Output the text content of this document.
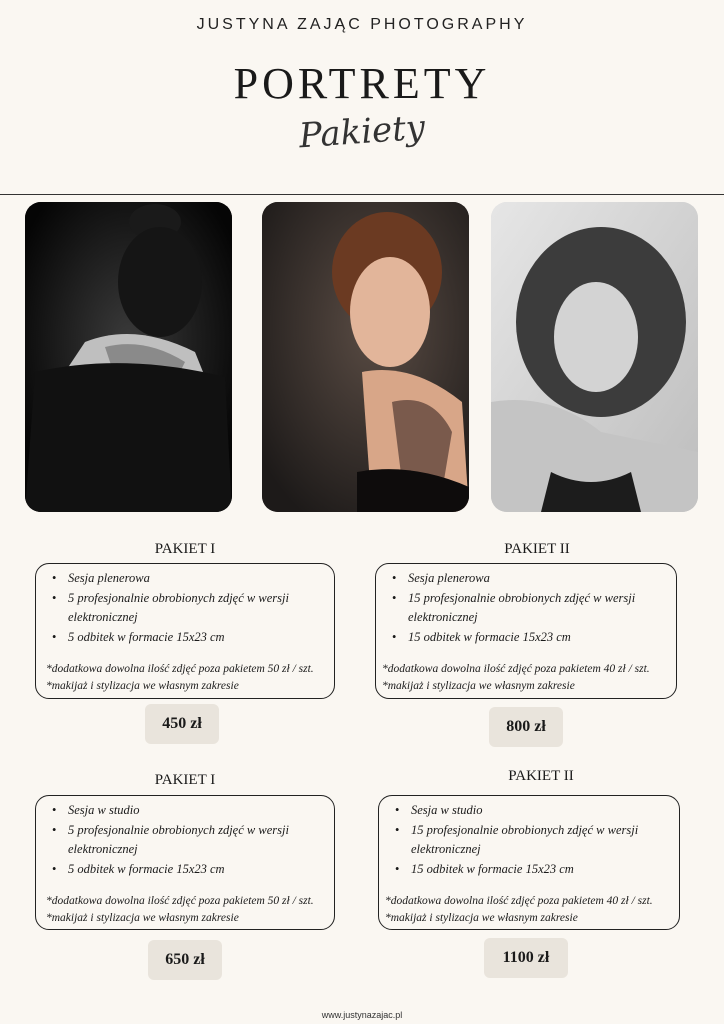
JUSTYNA ZAJĄC PHOTOGRAPHY
PORTRETY
Pakiety
PAKIET I
• Sesja plenerowa
• 5 profesjonalnie obrobionych zdjęć w wersji elektronicznej
• 5 odbitek w formacie 15x23 cm
*dodatkowa dowolna ilość zdjęć poza pakietem 50 zł / szt.
*makijaż i stylizacja we własnym zakresie
450 zł
PAKIET II
• Sesja plenerowa
• 15 profesjonalnie obrobionych zdjęć w wersji elektronicznej
• 15 odbitek w formacie 15x23 cm
*dodatkowa dowolna ilość zdjęć poza pakietem 40 zł / szt.
*makijaż i stylizacja we własnym zakresie
800 zł
PAKIET I
• Sesja w studio
• 5 profesjonalnie obrobionych zdjęć w wersji elektronicznej
• 5 odbitek w formacie 15x23 cm
*dodatkowa dowolna ilość zdjęć poza pakietem 50 zł / szt.
*makijaż i stylizacja we własnym zakresie
650 zł
PAKIET II
• Sesja w studio
• 15 profesjonalnie obrobionych zdjęć w wersji elektronicznej
• 15 odbitek w formacie 15x23 cm
*dodatkowa dowolna ilość zdjęć poza pakietem 40 zł / szt.
*makijaż i stylizacja we własnym zakresie
1100 zł
www.justynazajac.pl
